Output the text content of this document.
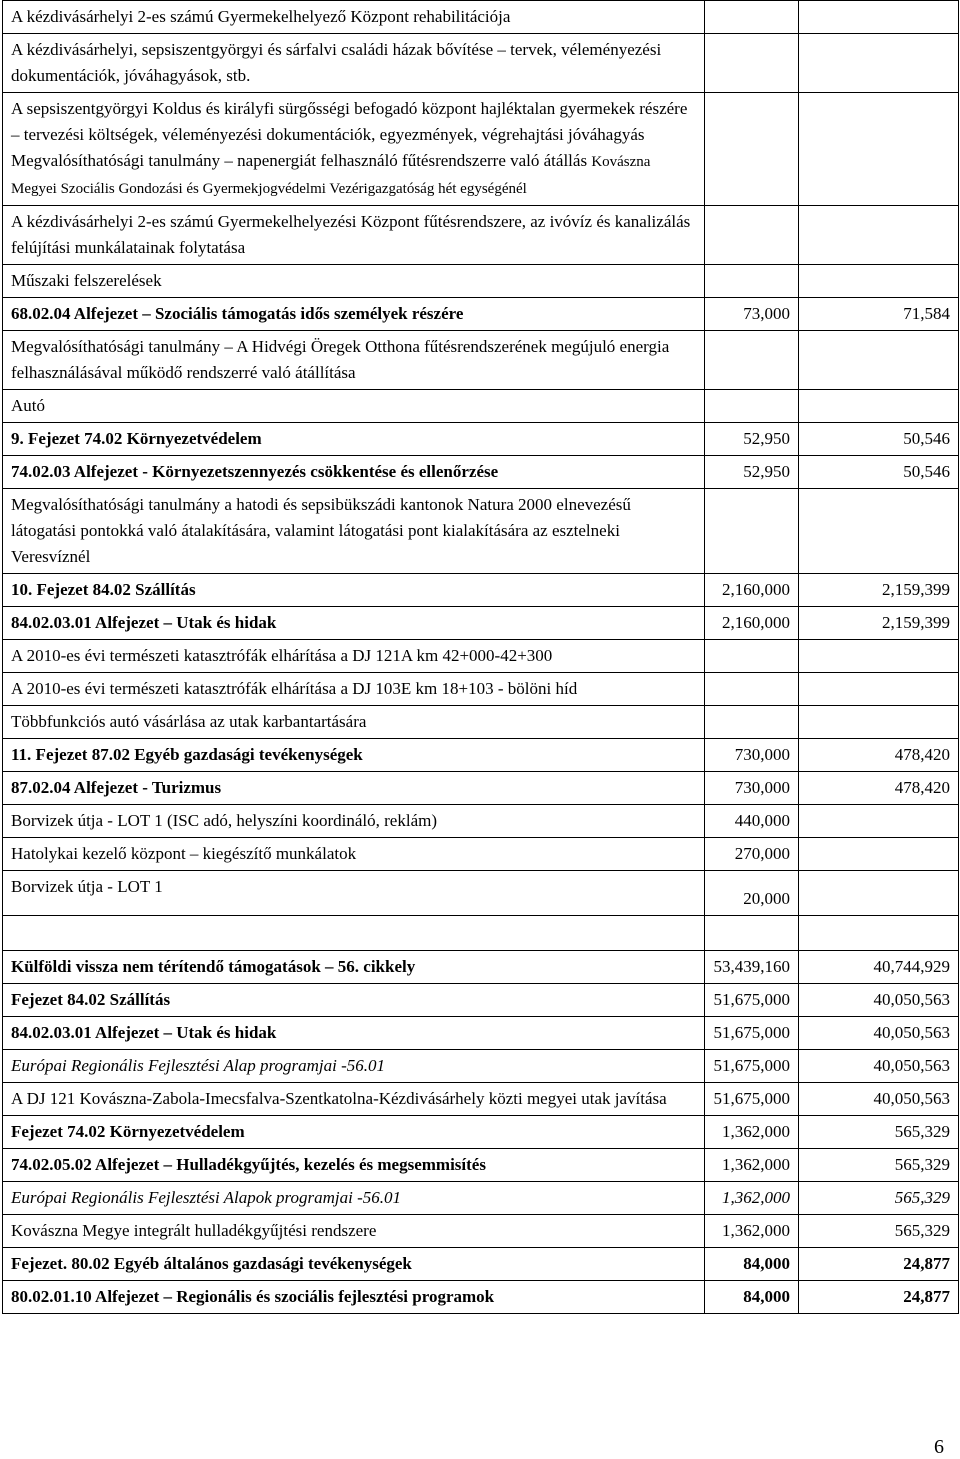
A kézdivásárhelyi 2-es számú Gyermekelhelyező Központ rehabilitációja		
A kézdivásárhelyi, sepsiszentgyörgyi és sárfalvi családi házak bővítése – tervek, véleményezési dokumentációk, jóváhagyások, stb.		
A sepsiszentgyörgyi Koldus és királyfi sürgősségi befogadó központ hajléktalan gyermekek részére – tervezési költségek, véleményezési dokumentációk, egyezmények, végrehajtási jóváhagyás Megvalósíthatósági tanulmány – napenergiát felhasználó fűtésrendszerre való átállás Kovászna Megyei Szociális Gondozási és Gyermekjogvédelmi Vezérigazgatóság hét egységénél		
A kézdivásárhelyi 2-es számú Gyermekelhelyezési Központ fűtésrendszere, az ivóvíz és kanalizálás felújítási munkálatainak folytatása		
Műszaki felszerelések		
68.02.04 Alfejezet – Szociális támogatás idős személyek részére	73,000	71,584
Megvalósíthatósági tanulmány – A Hidvégi Öregek Otthona fűtésrendszerének megújuló energia felhasználásával működő rendszerré való átállítása		
Autó		
9. Fejezet 74.02 Környezetvédelem	52,950	50,546
74.02.03 Alfejezet - Környezetszennyezés csökkentése és ellenőrzése	52,950	50,546
Megvalósíthatósági tanulmány a hatodi és sepsibükszádi kantonok Natura 2000 elnevezésű látogatási pontokká való átalakítására, valamint látogatási pont kialakítására az esztelneki Veresvíznél		
10. Fejezet 84.02 Szállítás	2,160,000	2,159,399
84.02.03.01 Alfejezet – Utak és hidak	2,160,000	2,159,399
A 2010-es évi természeti katasztrófák elhárítása a DJ 121A km 42+000-42+300		
A 2010-es évi természeti katasztrófák elhárítása a DJ 103E km 18+103 - bölöni híd		
Többfunkciós autó vásárlása az utak karbantartására		
11. Fejezet 87.02 Egyéb gazdasági tevékenységek	730,000	478,420
87.02.04 Alfejezet - Turizmus	730,000	478,420
Borvizek útja - LOT 1 (ISC adó, helyszíni koordináló, reklám)	440,000	
Hatolykai kezelő központ – kiegészítő munkálatok	270,000	
Borvizek útja - LOT 1	20,000	

Külföldi vissza nem térítendő támogatások – 56. cikkely	53,439,160	40,744,929
Fejezet 84.02 Szállítás	51,675,000	40,050,563
84.02.03.01 Alfejezet – Utak és hidak	51,675,000	40,050,563
Európai Regionális Fejlesztési Alap programjai -56.01	51,675,000	40,050,563
A DJ 121 Kovászna-Zabola-Imecsfalva-Szentkatolna-Kézdivásárhely közti megyei utak javítása	51,675,000	40,050,563
Fejezet 74.02 Környezetvédelem	1,362,000	565,329
74.02.05.02 Alfejezet – Hulladékgyűjtés, kezelés és megsemmisítés	1,362,000	565,329
Európai Regionális Fejlesztési Alapok programjai -56.01	1,362,000	565,329
Kovászna Megye integrált hulladékgyűjtési rendszere	1,362,000	565,329
Fejezet. 80.02 Egyéb általános gazdasági tevékenységek	84,000	24,877
80.02.01.10 Alfejezet – Regionális és szociális fejlesztési programok	84,000	24,877
6
